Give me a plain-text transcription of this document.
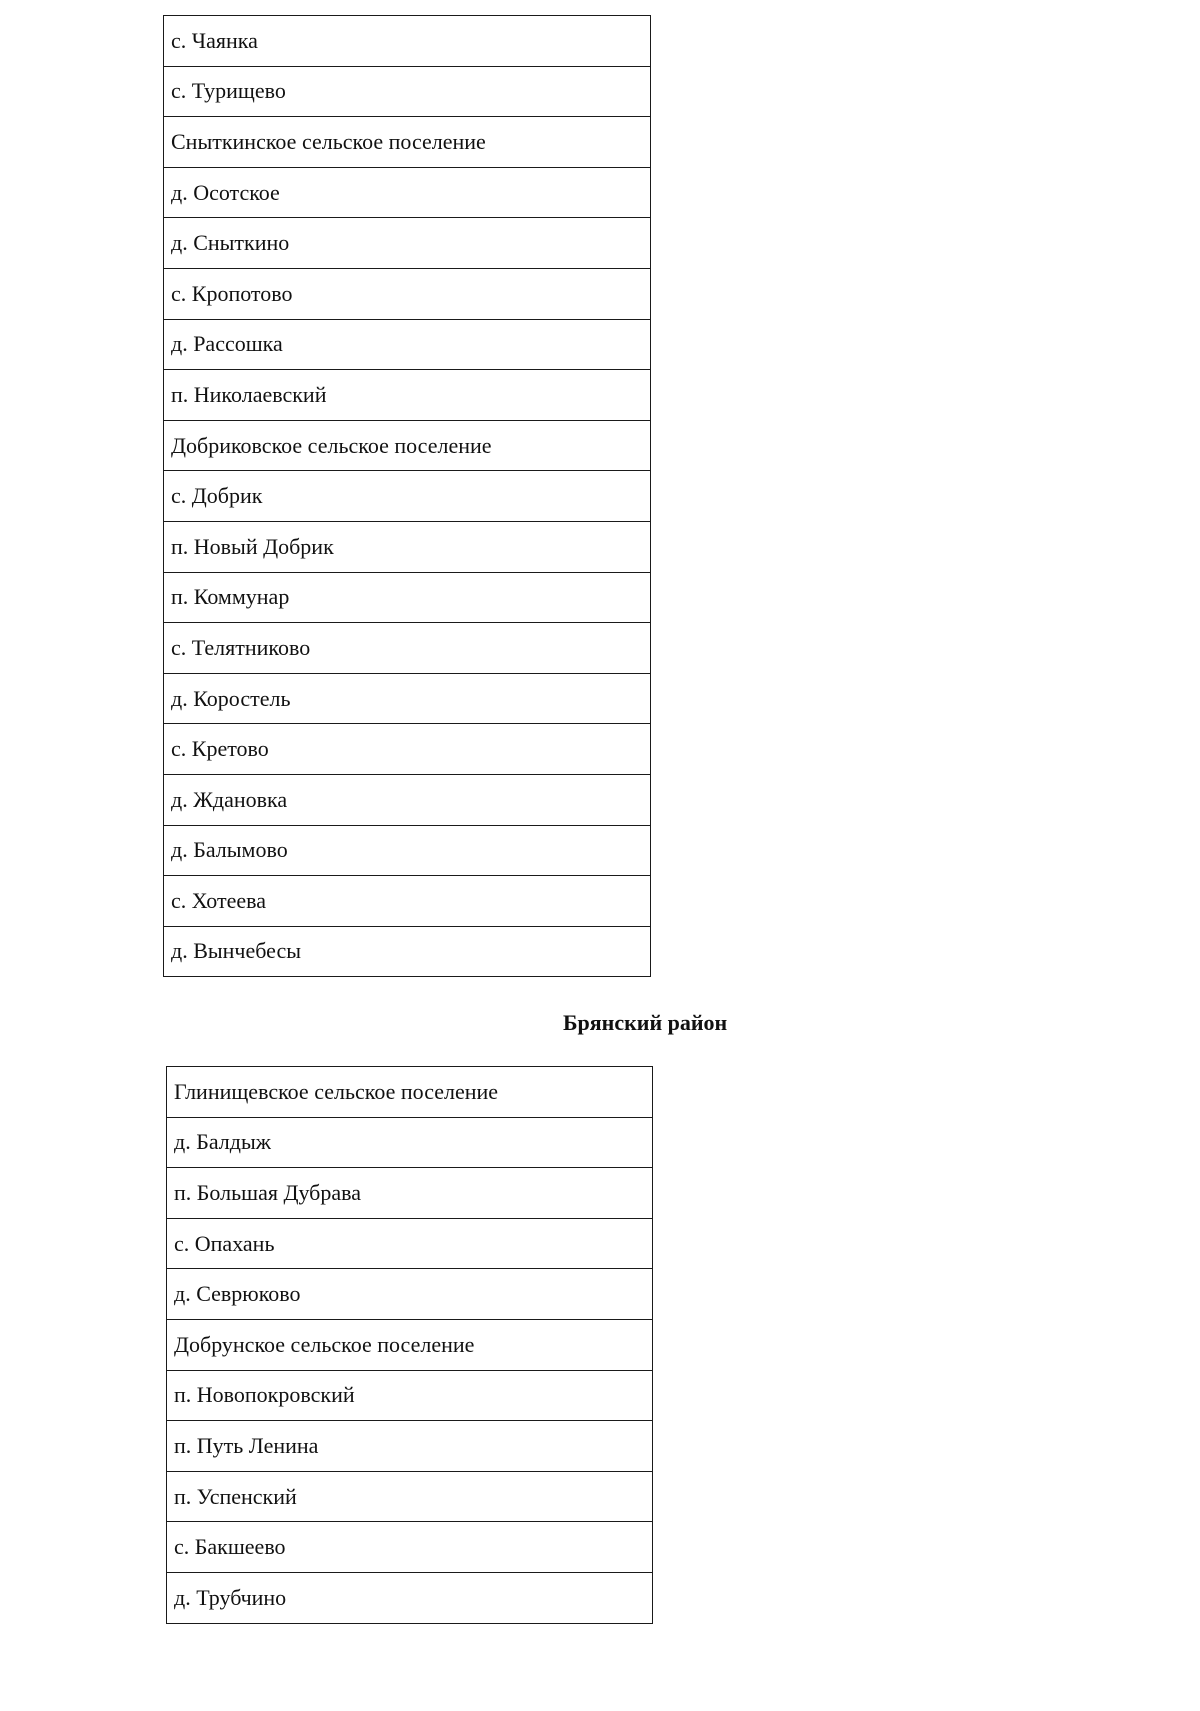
с. Чаянка
с. Турищево
Сныткинское сельское поселение
д. Осотское
д. Сныткино
с. Кропотово
д. Рассошка
п. Николаевский
Добриковское сельское поселение
с. Добрик
п. Новый Добрик
п. Коммунар
с. Телятниково
д. Коростель
с. Кретово
д. Ждановка
д. Балымово
с. Хотеева
д. Вынчебесы
Брянский район
Глинищевское сельское поселение
д. Балдыж
п. Большая Дубрава
с. Опахань
д. Севрюково
Добрунское сельское поселение
п. Новопокровский
п. Путь Ленина
п. Успенский
с. Бакшеево
д. Трубчино
